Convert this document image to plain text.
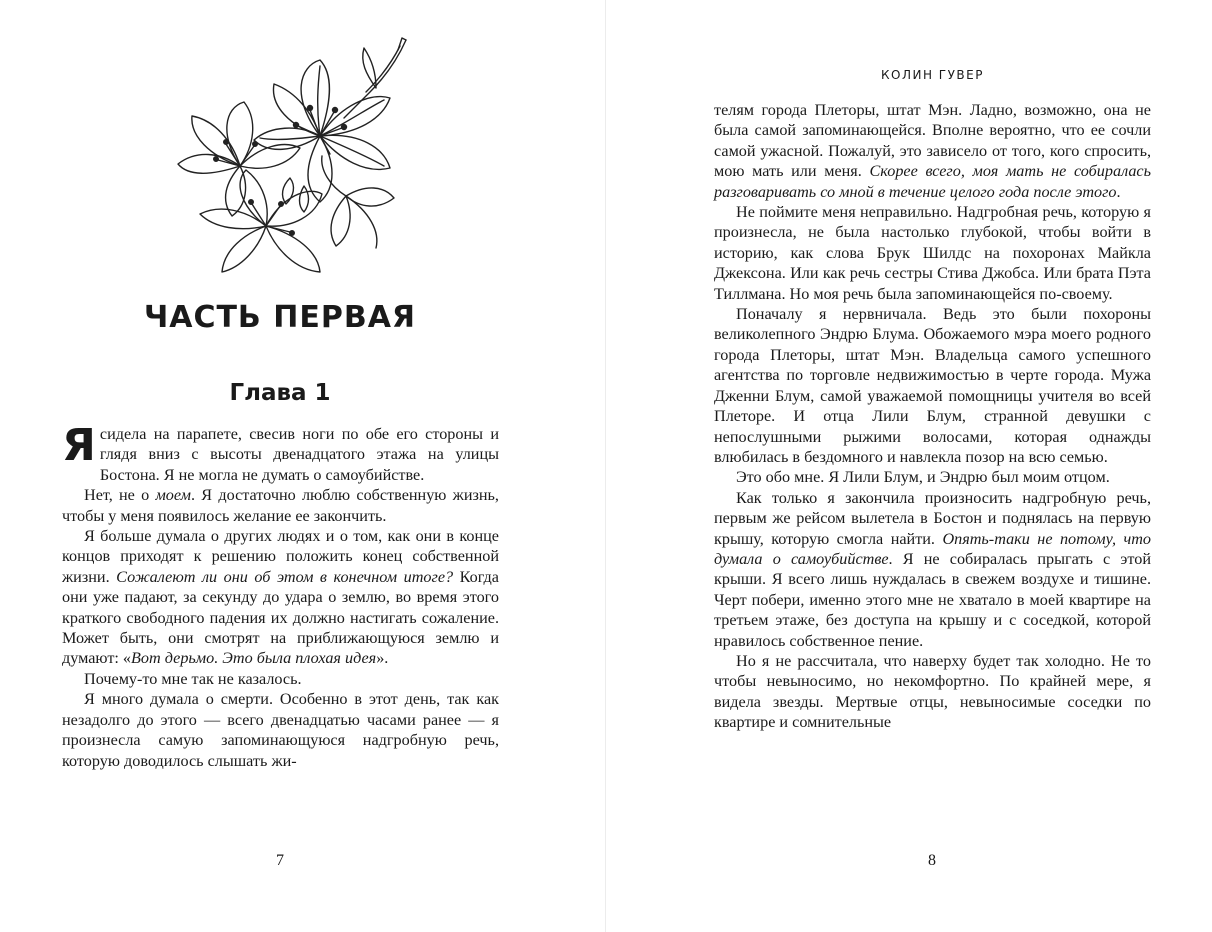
ЧАСТЬ ПЕРВАЯ
Глава 1

Я сидела на парапете, свесив ноги по обе его стороны и глядя вниз с высоты двенадцатого этажа на улицы Бостона. Я не могла не думать о самоубийстве.

Нет, не о моем. Я достаточно люблю собственную жизнь, чтобы у меня появилось желание ее закончить.

Я больше думала о других людях и о том, как они в конце концов приходят к решению положить конец собственной жизни. Сожалеют ли они об этом в конечном итоге? Когда они уже падают, за секунду до удара о землю, во время этого краткого свободного падения их должно настигать сожаление. Может быть, они смотрят на приближающуюся землю и думают: «Вот дерьмо. Это была плохая идея».

Почему-то мне так не казалось.

Я много думала о смерти. Особенно в этот день, так как незадолго до этого — всего двенадцатью часами ранее — я произнесла самую запоминающуюся надгробную речь, которую доводилось слышать жи-

7
КОЛИН ГУВЕР

телям города Плеторы, штат Мэн. Ладно, возможно, она не была самой запоминающейся. Вполне вероятно, что ее сочли самой ужасной. Пожалуй, это зависело от того, кого спросить, мою мать или меня. Скорее всего, моя мать не собиралась разговаривать со мной в течение целого года после этого.

Не поймите меня неправильно. Надгробная речь, которую я произнесла, не была настолько глубокой, чтобы войти в историю, как слова Брук Шилдс на похоронах Майкла Джексона. Или как речь сестры Стива Джобса. Или брата Пэта Тиллмана. Но моя речь была запоминающейся по-своему.

Поначалу я нервничала. Ведь это были похороны великолепного Эндрю Блума. Обожаемого мэра моего родного города Плеторы, штат Мэн. Владельца самого успешного агентства по торговле недвижимостью в черте города. Мужа Дженни Блум, самой уважаемой помощницы учителя во всей Плеторе. И отца Лили Блум, странной девушки с непослушными рыжими волосами, которая однажды влюбилась в бездомного и навлекла позор на всю семью.

Это обо мне. Я Лили Блум, и Эндрю был моим отцом.

Как только я закончила произносить надгробную речь, первым же рейсом вылетела в Бостон и поднялась на первую крышу, которую смогла найти. Опять-таки не потому, что думала о самоубийстве. Я не собиралась прыгать с этой крыши. Я всего лишь нуждалась в свежем воздухе и тишине. Черт побери, именно этого мне не хватало в моей квартире на третьем этаже, без доступа на крышу и с соседкой, которой нравилось собственное пение.

Но я не рассчитала, что наверху будет так холодно. Не то чтобы невыносимо, но некомфортно. По крайней мере, я видела звезды. Мертвые отцы, невыносимые соседки по квартире и сомнительные

8
